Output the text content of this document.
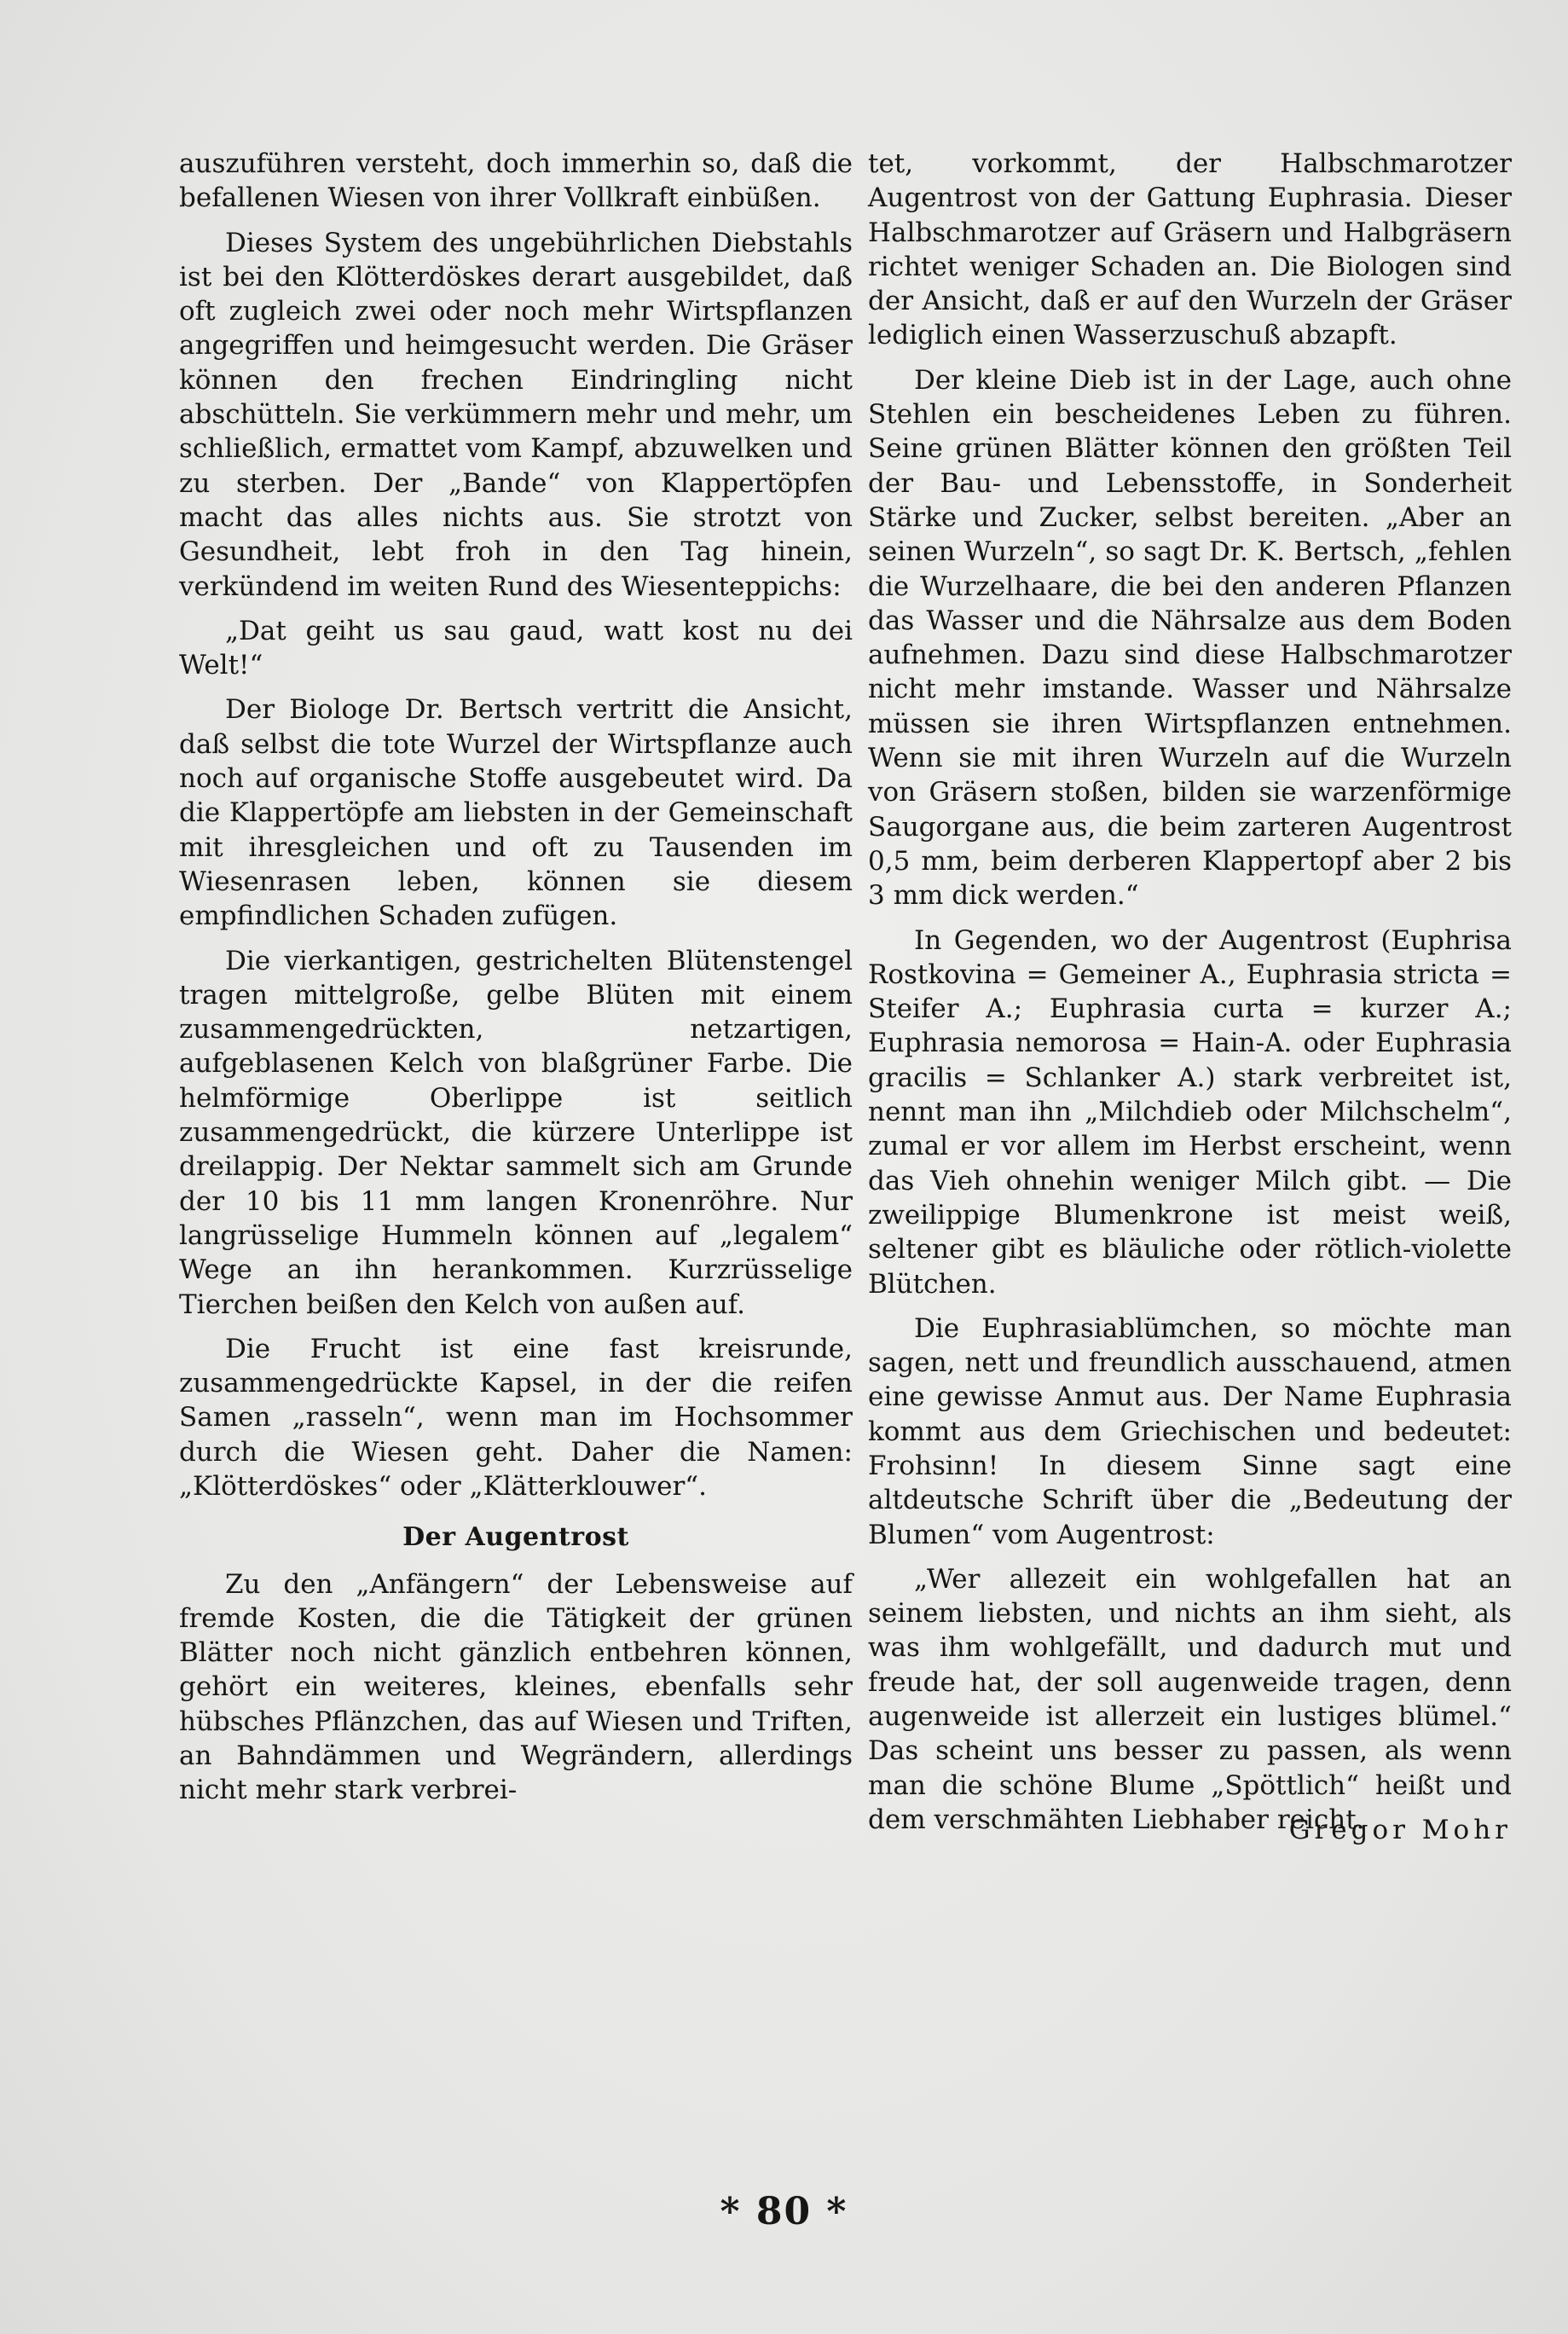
auszuführen versteht, doch immerhin so, daß die befallenen Wiesen von ihrer Vollkraft einbüßen.

Dieses System des ungebührlichen Diebstahls ist bei den Klötterdöskes derart ausgebildet, daß oft zugleich zwei oder noch mehr Wirtspflanzen angegriffen und heimgesucht werden. Die Gräser können den frechen Eindringling nicht abschütteln. Sie verkümmern mehr und mehr, um schließlich, ermattet vom Kampf, abzuwelken und zu sterben. Der „Bande“ von Klappertöpfen macht das alles nichts aus. Sie strotzt von Gesundheit, lebt froh in den Tag hinein, verkündend im weiten Rund des Wiesenteppichs:

„Dat geiht us sau gaud, watt kost nu dei Welt!“

Der Biologe Dr. Bertsch vertritt die Ansicht, daß selbst die tote Wurzel der Wirtspflanze auch noch auf organische Stoffe ausgebeutet wird. Da die Klappertöpfe am liebsten in der Gemeinschaft mit ihresgleichen und oft zu Tausenden im Wiesenrasen leben, können sie diesem empfindlichen Schaden zufügen.

Die vierkantigen, gestrichelten Blütenstengel tragen mittelgroße, gelbe Blüten mit einem zusammengedrückten, netzartigen, aufgeblasenen Kelch von blaßgrüner Farbe. Die helmförmige Oberlippe ist seitlich zusammengedrückt, die kürzere Unterlippe ist dreilappig. Der Nektar sammelt sich am Grunde der 10 bis 11 mm langen Kronenröhre. Nur langrüsselige Hummeln können auf „legalem“ Wege an ihn herankommen. Kurzrüsselige Tierchen beißen den Kelch von außen auf.

Die Frucht ist eine fast kreisrunde, zusammengedrückte Kapsel, in der die reifen Samen „rasseln“, wenn man im Hochsommer durch die Wiesen geht. Daher die Namen: „Klötterdöskes“ oder „Klätterklouwer“.

Der Augentrost

Zu den „Anfängern“ der Lebensweise auf fremde Kosten, die die Tätigkeit der grünen Blätter noch nicht gänzlich entbehren können, gehört ein weiteres, kleines, ebenfalls sehr hübsches Pflänzchen, das auf Wiesen und Triften, an Bahndämmen und Wegrändern, allerdings nicht mehr stark verbrei-

tet, vorkommt, der Halbschmarotzer Augentrost von der Gattung Euphrasia. Dieser Halbschmarotzer auf Gräsern und Halbgräsern richtet weniger Schaden an. Die Biologen sind der Ansicht, daß er auf den Wurzeln der Gräser lediglich einen Wasserzuschuß abzapft.

Der kleine Dieb ist in der Lage, auch ohne Stehlen ein bescheidenes Leben zu führen. Seine grünen Blätter können den größten Teil der Bau- und Lebensstoffe, in Sonderheit Stärke und Zucker, selbst bereiten. „Aber an seinen Wurzeln“, so sagt Dr. K. Bertsch, „fehlen die Wurzelhaare, die bei den anderen Pflanzen das Wasser und die Nährsalze aus dem Boden aufnehmen. Dazu sind diese Halbschmarotzer nicht mehr imstande. Wasser und Nährsalze müssen sie ihren Wirtspflanzen entnehmen. Wenn sie mit ihren Wurzeln auf die Wurzeln von Gräsern stoßen, bilden sie warzenförmige Saugorgane aus, die beim zarteren Augentrost 0,5 mm, beim derberen Klappertopf aber 2 bis 3 mm dick werden.“

In Gegenden, wo der Augentrost (Euphrisa Rostkovina = Gemeiner A., Euphrasia stricta = Steifer A.; Euphrasia curta = kurzer A.; Euphrasia nemorosa = Hain-A. oder Euphrasia gracilis = Schlanker A.) stark verbreitet ist, nennt man ihn „Milchdieb oder Milchschelm“, zumal er vor allem im Herbst erscheint, wenn das Vieh ohnehin weniger Milch gibt. — Die zweilippige Blumenkrone ist meist weiß, seltener gibt es bläuliche oder rötlich-violette Blütchen.

Die Euphrasiablümchen, so möchte man sagen, nett und freundlich ausschauend, atmen eine gewisse Anmut aus. Der Name Euphrasia kommt aus dem Griechischen und bedeutet: Frohsinn! In diesem Sinne sagt eine altdeutsche Schrift über die „Bedeutung der Blumen“ vom Augentrost:

„Wer allezeit ein wohlgefallen hat an seinem liebsten, und nichts an ihm sieht, als was ihm wohlgefällt, und dadurch mut und freude hat, der soll augenweide tragen, denn augenweide ist allerzeit ein lustiges blümel.“ Das scheint uns besser zu passen, als wenn man die schöne Blume „Spöttlich“ heißt und dem verschmähten Liebhaber reicht.

Gregor Mohr
* 80 *
